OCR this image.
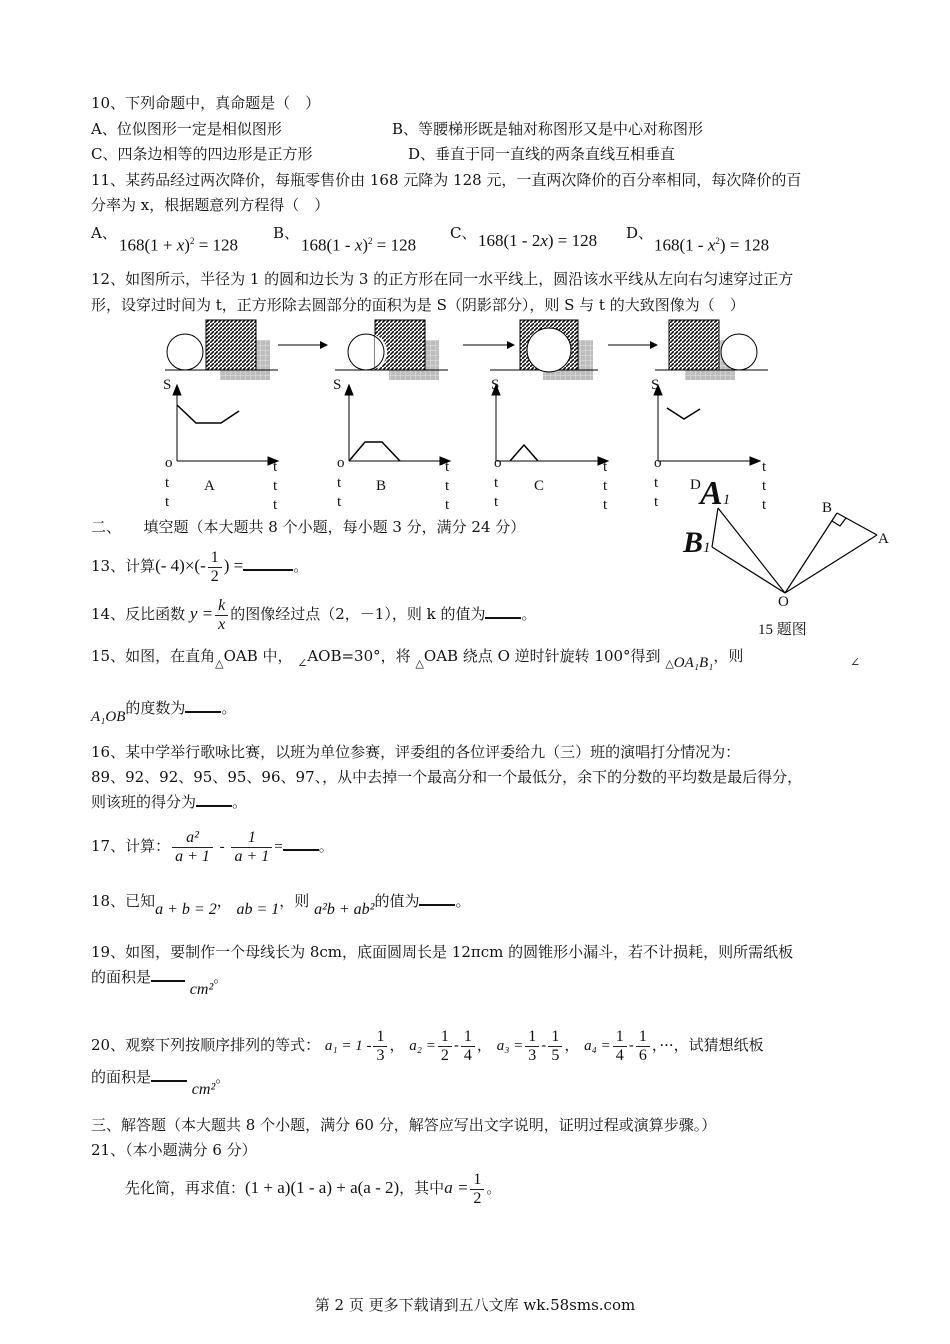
10、下列命题中，真命题是（　）
A、位似图形一定是相似图形	B、等腰梯形既是轴对称图形又是中心对称图形
C、四条边相等的四边形是正方形	D、垂直于同一直线的两条直线互相垂直
11、某药品经过两次降价，每瓶零售价由 168 元降为 128 元，一直两次降价的百分率相同，每次降价的百
分率为 x，根据题意列方程得（　）
A、
$168(1 + x)^2 = 128$
B、
168(1 - x)$^2$ = 128
C、 168(1 - 2x) = 128 D、
$168(1 - x^2) = 128$
12、如图所示，半径为 1 的圆和边长为 3 的正方形在同一水平线上，圆沿该水平线从左向右匀速穿过正方
形，设穿过时间为 t，正方形除去圆部分的面积为是 S（阴影部分），则 S 与 t 的大致图像为（　）
S
t
o
t
t
t
t
A
S
t
o
t
t
t
t
B
S
t
o
t
t
t
t
C
S
t
o
t
t
t
t
D A1
B1
B
A
O
15 题图
二、　　填空题（本大题共 8 个小题，每小题 3 分，满分 24 分）
13、计算(- $4)\times(- \frac{1}{2}$ ) =	。
14、反比函数 $y = \frac{k}{x}$ 的图像经过点（2，－1），则 k 的值为 。
15、如图，在直角$_\triangle$OAB 中， $_\angle$AOB=30°，将 $_\triangle$OAB 绕点 O 逆时针旋转 100°得到 $_\triangle$OA₁B₁，则	∠
A₁OB的度数为 。
16、某中学举行歌咏比赛，以班为单位参赛，评委组的各位评委给九（三）班的演唱打分情况为：
89、92、92、95、95、96、97、，从中去掉一个最高分和一个最低分，余下的分数的平均数是最后得分，
则该班的得分为 。
17、计算： $\frac{\text{a²}}{a + 1} - \frac{1}{a + 1}$ = 。
18、已知a + b = 2， ab = 1，则 a²b + ab²的值为 。
19、如图，要制作一个母线长为 8cm，底面圆周长是 12πcm 的圆锥形小漏斗，若不计损耗，则所需纸板
的面积是 cm²。
20、观察下列按顺序排列的等式： $a_1 = 1 - \frac{1}{3}$ ， $a_2 = \frac{1}{2} - \frac{1}{4}$ ， $a_3 = \frac{1}{3} - \frac{1}{5}$ ， $a_4 = \frac{1}{4} - \frac{1}{6}$ ，···，试猜想纸板
的面积是 cm²。
三、解答题（本大题共 8 个小题，满分 60 分，解答应写出文字说明，证明过程或演算步骤。）
21、（本小题满分 6 分）
先化简，再求值：(1 + a)(1 - a) + a(a - 2)，其中$a = \frac{1}{2}$ 。
第 2 页 更多下载请到五八文库 wk.58sms.com
